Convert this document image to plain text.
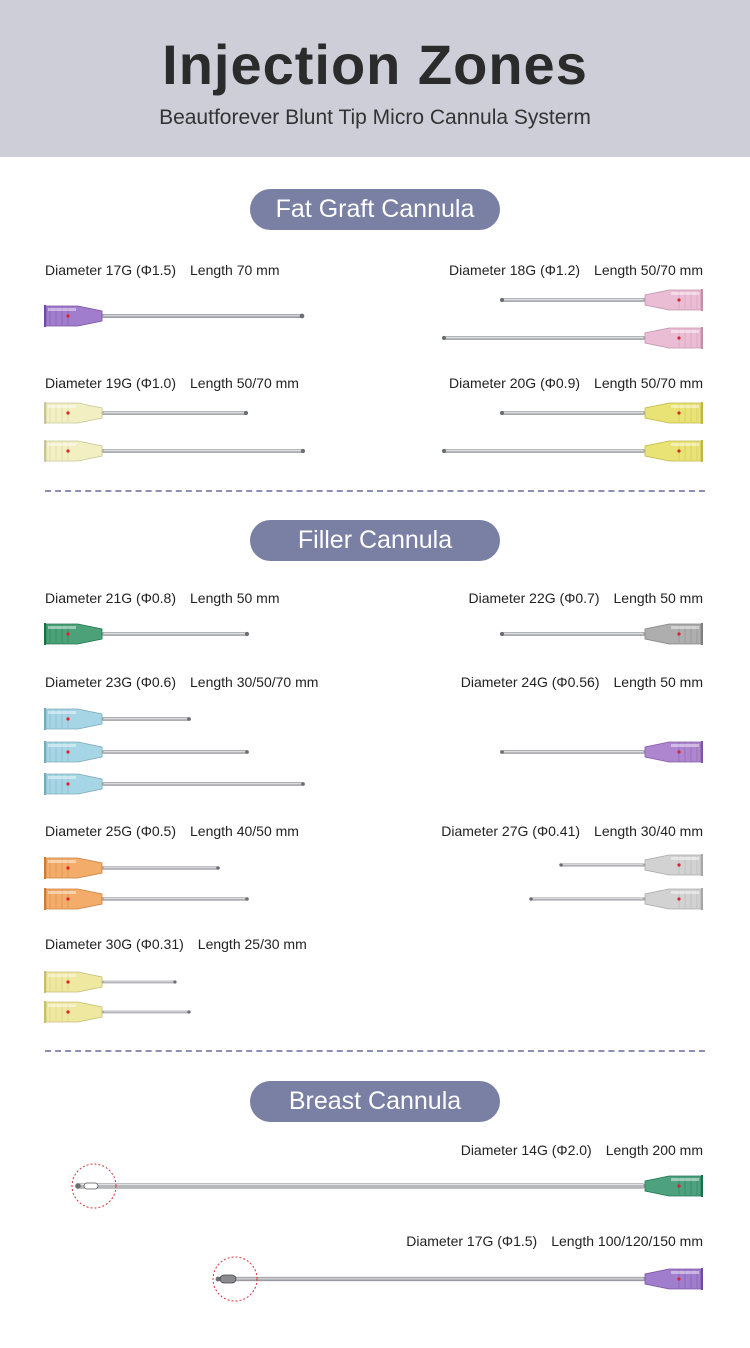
Injection Zones
Beautforever Blunt Tip Micro Cannula Systerm
Fat Graft Cannula
Filler Cannula
Breast Cannula
Diameter 17G (Φ1.5) Length 70 mm	Diameter 18G (Φ1.2) Length 50/70 mm
Diameter 19G (Φ1.0) Length 50/70 mm	Diameter 20G (Φ0.9) Length 50/70 mm
Diameter 21G (Φ0.8) Length 50 mm	Diameter 22G (Φ0.7) Length 50 mm
Diameter 23G (Φ0.6) Length 30/50/70 mm	Diameter 24G (Φ0.56) Length 50 mm
Diameter 25G (Φ0.5) Length 40/50 mm	Diameter 27G (Φ0.41) Length 30/40 mm
Diameter 30G (Φ0.31) Length 25/30 mm
Diameter 14G (Φ2.0) Length 200 mm
Diameter 17G (Φ1.5) Length 100/120/150 mm
